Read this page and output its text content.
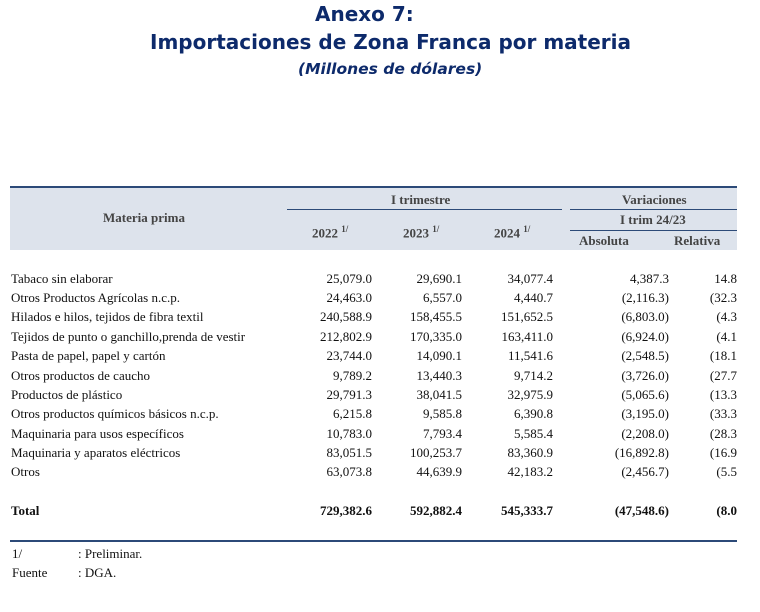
Anexo 7:
Importaciones de Zona Franca por materia
(Millones de dólares)
Materia prima
I trimestre	Variaciones
I trim 24/23
2022 $^{1/}$	2023 $^{1/}$	2024 $^{1/}$
Absoluta	Relativa
Tabaco sin elaborar	25,079.0	29,690.1	34,077.4	4,387.3	14.8
Otros Productos Agrícolas n.c.p.	24,463.0	6,557.0	4,440.7	(2,116.3)	(32.3
Hilados e hilos, tejidos de fibra textil	240,588.9	158,455.5	151,652.5	(6,803.0)	(4.3
Tejidos de punto o ganchillo,prenda de vestir	212,802.9	170,335.0	163,411.0	(6,924.0)	(4.1
Pasta de papel, papel y cartón	23,744.0	14,090.1	11,541.6	(2,548.5)	(18.1
Otros productos de caucho	9,789.2	13,440.3	9,714.2	(3,726.0)	(27.7
Productos de plástico	29,791.3	38,041.5	32,975.9	(5,065.6)	(13.3
Otros productos químicos básicos n.c.p.	6,215.8	9,585.8	6,390.8	(3,195.0)	(33.3
Maquinaria para usos específicos	10,783.0	7,793.4	5,585.4	(2,208.0)	(28.3
Maquinaria y aparatos eléctricos	83,051.5	100,253.7	83,360.9	(16,892.8)	(16.9
Otros	63,073.8	44,639.9	42,183.2	(2,456.7)	(5.5
Total	729,382.6	592,882.4	545,333.7	(47,548.6)	(8.0
1/	: Preliminar.
Fuente : DGA.
